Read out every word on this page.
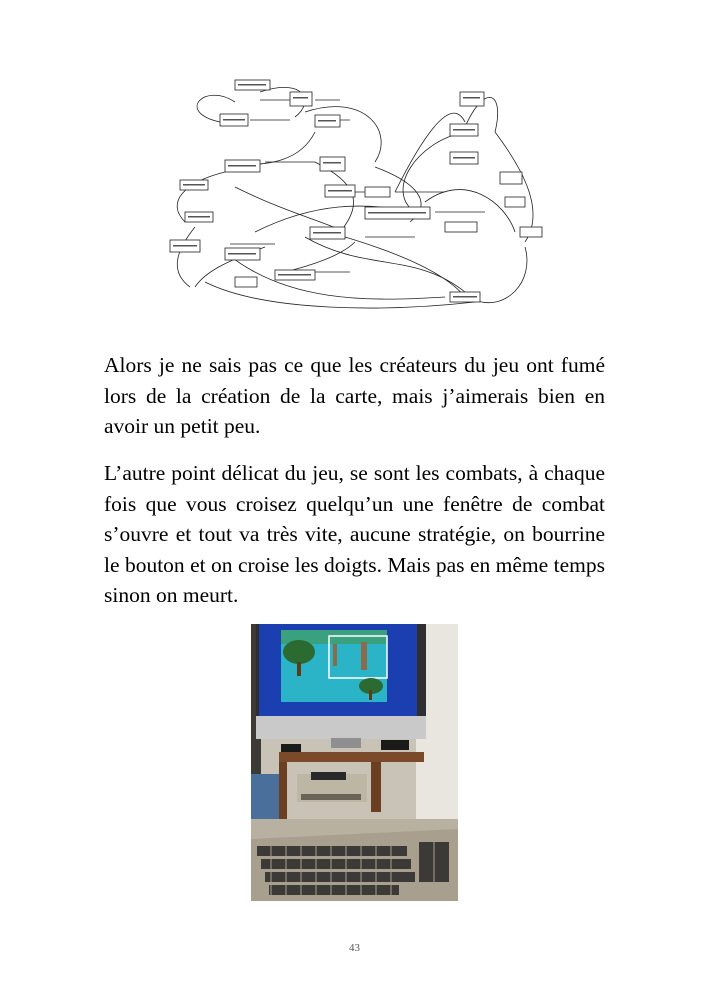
Alors je ne sais pas ce que les créateurs du jeu ont fumé lors de la création de la carte, mais j’aimerais bien en avoir un petit peu.

L’autre point délicat du jeu, se sont les combats, à chaque fois que vous croisez quelqu’un une fenêtre de combat s’ouvre et tout va très vite, aucune stratégie, on bourrine le bouton et on croise les doigts. Mais pas en même temps sinon on meurt.

43
